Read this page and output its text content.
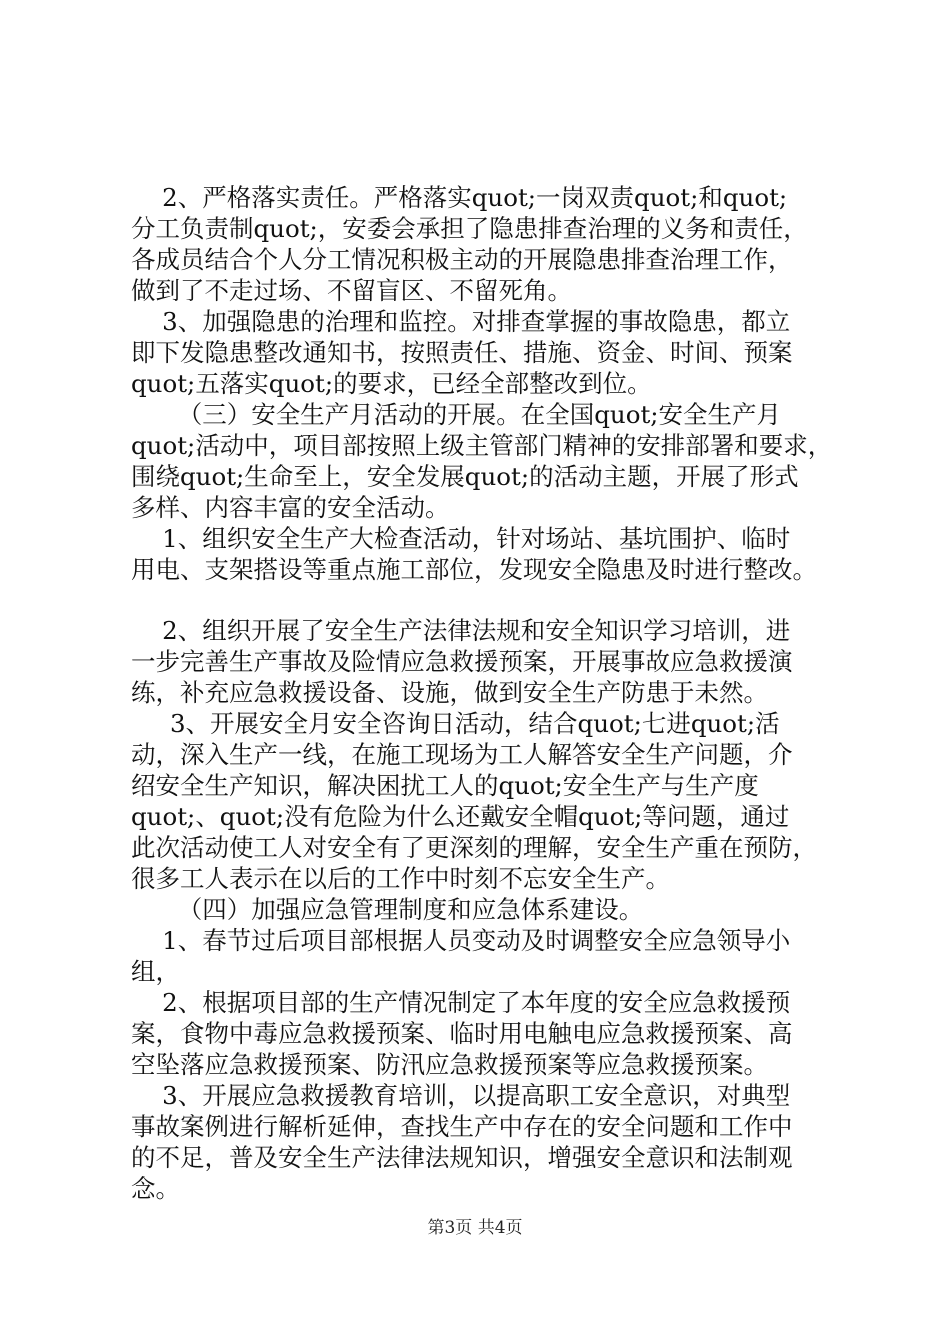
2、严格落实责任。严格落实quot;一岗双责quot;和quot;
分工负责制quot;，安委会承担了隐患排查治理的义务和责任，
各成员结合个人分工情况积极主动的开展隐患排查治理工作，
做到了不走过场、不留盲区、不留死角。
3、加强隐患的治理和监控。对排查掌握的事故隐患，都立
即下发隐患整改通知书，按照责任、措施、资金、时间、预案
quot;五落实quot;的要求，已经全部整改到位。
（三）安全生产月活动的开展。在全国quot;安全生产月
quot;活动中，项目部按照上级主管部门精神的安排部署和要求，
围绕quot;生命至上，安全发展quot;的活动主题，开展了形式
多样、内容丰富的安全活动。
1、组织安全生产大检查活动，针对场站、基坑围护、临时
用电、支架搭设等重点施工部位，发现安全隐患及时进行整改。
2、组织开展了安全生产法律法规和安全知识学习培训，进
一步完善生产事故及险情应急救援预案，开展事故应急救援演
练，补充应急救援设备、设施，做到安全生产防患于未然。
3、开展安全月安全咨询日活动，结合quot;七进quot;活
动，深入生产一线，在施工现场为工人解答安全生产问题，介
绍安全生产知识，解决困扰工人的quot;安全生产与生产度
quot;、quot;没有危险为什么还戴安全帽quot;等问题，通过
此次活动使工人对安全有了更深刻的理解，安全生产重在预防，
很多工人表示在以后的工作中时刻不忘安全生产。
（四）加强应急管理制度和应急体系建设。
1、春节过后项目部根据人员变动及时调整安全应急领导小
组，
2、根据项目部的生产情况制定了本年度的安全应急救援预
案，食物中毒应急救援预案、临时用电触电应急救援预案、高
空坠落应急救援预案、防汛应急救援预案等应急救援预案。
3、开展应急救援教育培训，以提高职工安全意识，对典型
事故案例进行解析延伸，查找生产中存在的安全问题和工作中
的不足，普及安全生产法律法规知识，增强安全意识和法制观
念。
第3页 共4页
